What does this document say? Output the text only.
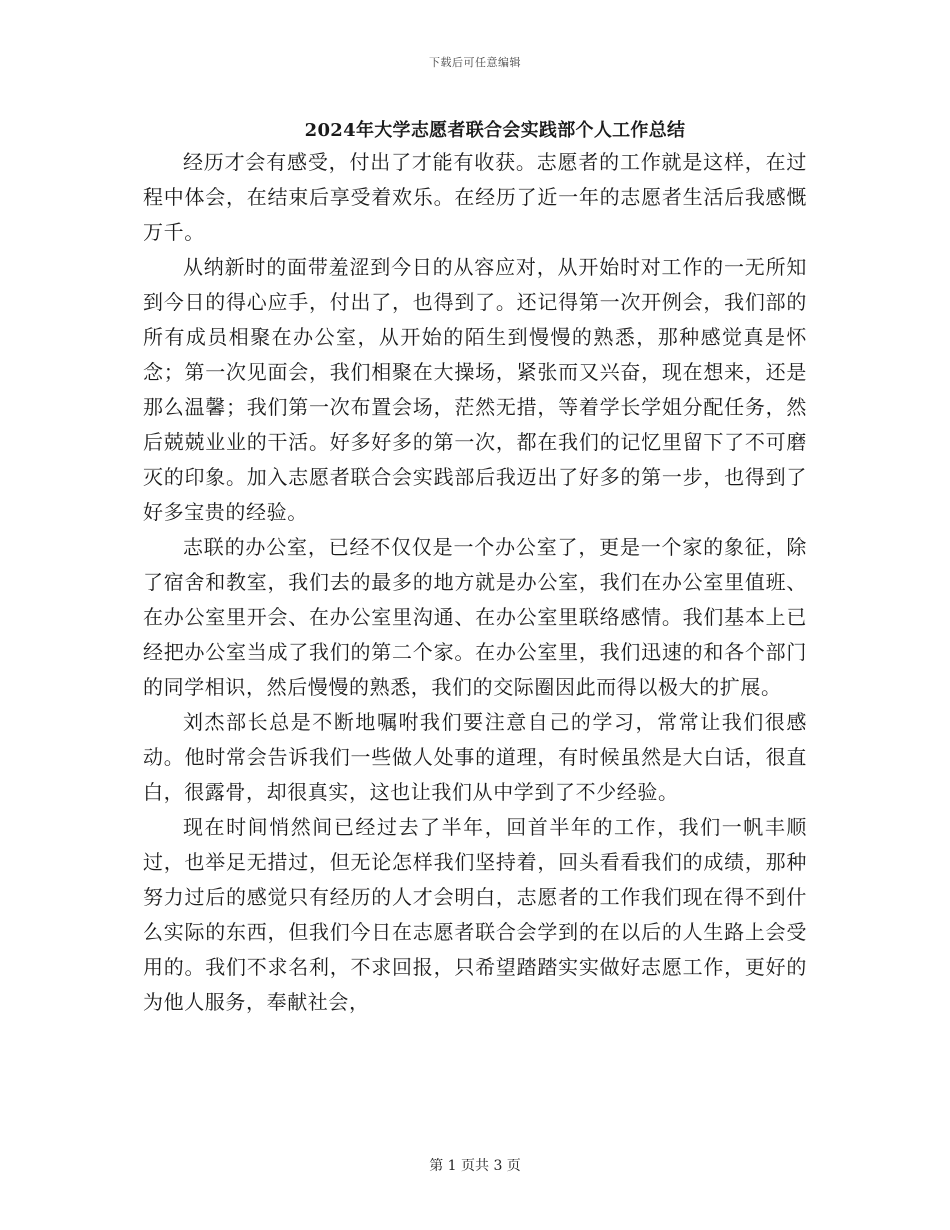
下载后可任意编辑
2024年大学志愿者联合会实践部个人工作总结

经历才会有感受，付出了才能有收获。志愿者的工作就是这样，在过程中体会，在结束后享受着欢乐。在经历了近一年的志愿者生活后我感慨万千。

从纳新时的面带羞涩到今日的从容应对，从开始时对工作的一无所知到今日的得心应手，付出了，也得到了。还记得第一次开例会，我们部的所有成员相聚在办公室，从开始的陌生到慢慢的熟悉，那种感觉真是怀念；第一次见面会，我们相聚在大操场，紧张而又兴奋，现在想来，还是那么温馨；我们第一次布置会场，茫然无措，等着学长学姐分配任务，然后兢兢业业的干活。好多好多的第一次，都在我们的记忆里留下了不可磨灭的印象。加入志愿者联合会实践部后我迈出了好多的第一步，也得到了好多宝贵的经验。

志联的办公室，已经不仅仅是一个办公室了，更是一个家的象征，除了宿舍和教室，我们去的最多的地方就是办公室，我们在办公室里值班、在办公室里开会、在办公室里沟通、在办公室里联络感情。我们基本上已经把办公室当成了我们的第二个家。在办公室里，我们迅速的和各个部门的同学相识，然后慢慢的熟悉，我们的交际圈因此而得以极大的扩展。

刘杰部长总是不断地嘱咐我们要注意自己的学习，常常让我们很感动。他时常会告诉我们一些做人处事的道理，有时候虽然是大白话，很直白，很露骨，却很真实，这也让我们从中学到了不少经验。

现在时间悄然间已经过去了半年，回首半年的工作，我们一帆丰顺过，也举足无措过，但无论怎样我们坚持着，回头看看我们的成绩，那种努力过后的感觉只有经历的人才会明白，志愿者的工作我们现在得不到什么实际的东西，但我们今日在志愿者联合会学到的在以后的人生路上会受用的。我们不求名利，不求回报，只希望踏踏实实做好志愿工作，更好的为他人服务，奉献社会，

第 1 页共 3 页
